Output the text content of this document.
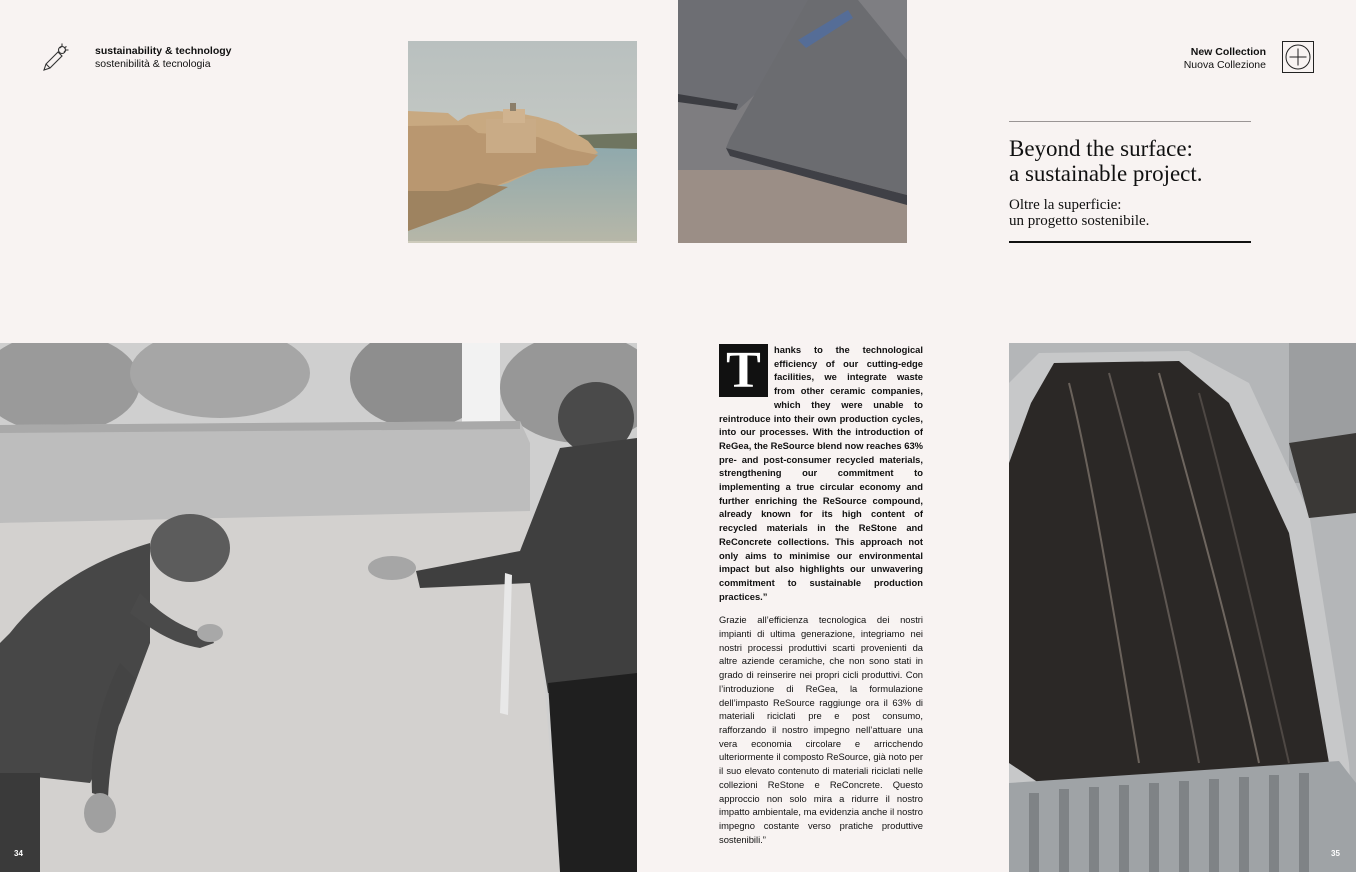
sustainability & technology
sostenibilità & tecnologia
New Collection
Nuova Collezione
Beyond the surface:
a sustainable project.
Oltre la superficie:
un progetto sostenibile.
T	hanks to the technological efficiency of our cutting-edge facilities, we integrate waste from other ceramic companies, which they were unable to reintroduce into their own production cycles, into our processes. With the introduction of ReGea, the ReSource blend now reaches 63% pre- and post-consumer recycled materials, strengthening our commitment to implementing a true circular economy and further enriching the ReSource compound, already known for its high content of recycled materials in the ReStone and ReConcrete collections. This approach not only aims to minimise our environmental impact but also highlights our unwavering commitment to sustainable production practices.”
Grazie all’efficienza tecnologica dei nostri impianti di ultima generazione, integriamo nei nostri processi produttivi scarti provenienti da altre aziende ceramiche, che non sono stati in grado di reinserire nei propri cicli produttivi. Con l’introduzione di ReGea, la formulazione dell’impasto ReSource raggiunge ora il 63% di materiali riciclati pre e post consumo, rafforzando il nostro impegno nell’attuare una vera economia circolare e arricchendo ulteriormente il composto ReSource, già noto per il suo elevato contenuto di materiali riciclati nelle collezioni ReStone e ReConcrete. Questo approccio non solo mira a ridurre il nostro impatto ambientale, ma evidenzia anche il nostro impegno costante verso pratiche produttive sostenibili.”
34	35
